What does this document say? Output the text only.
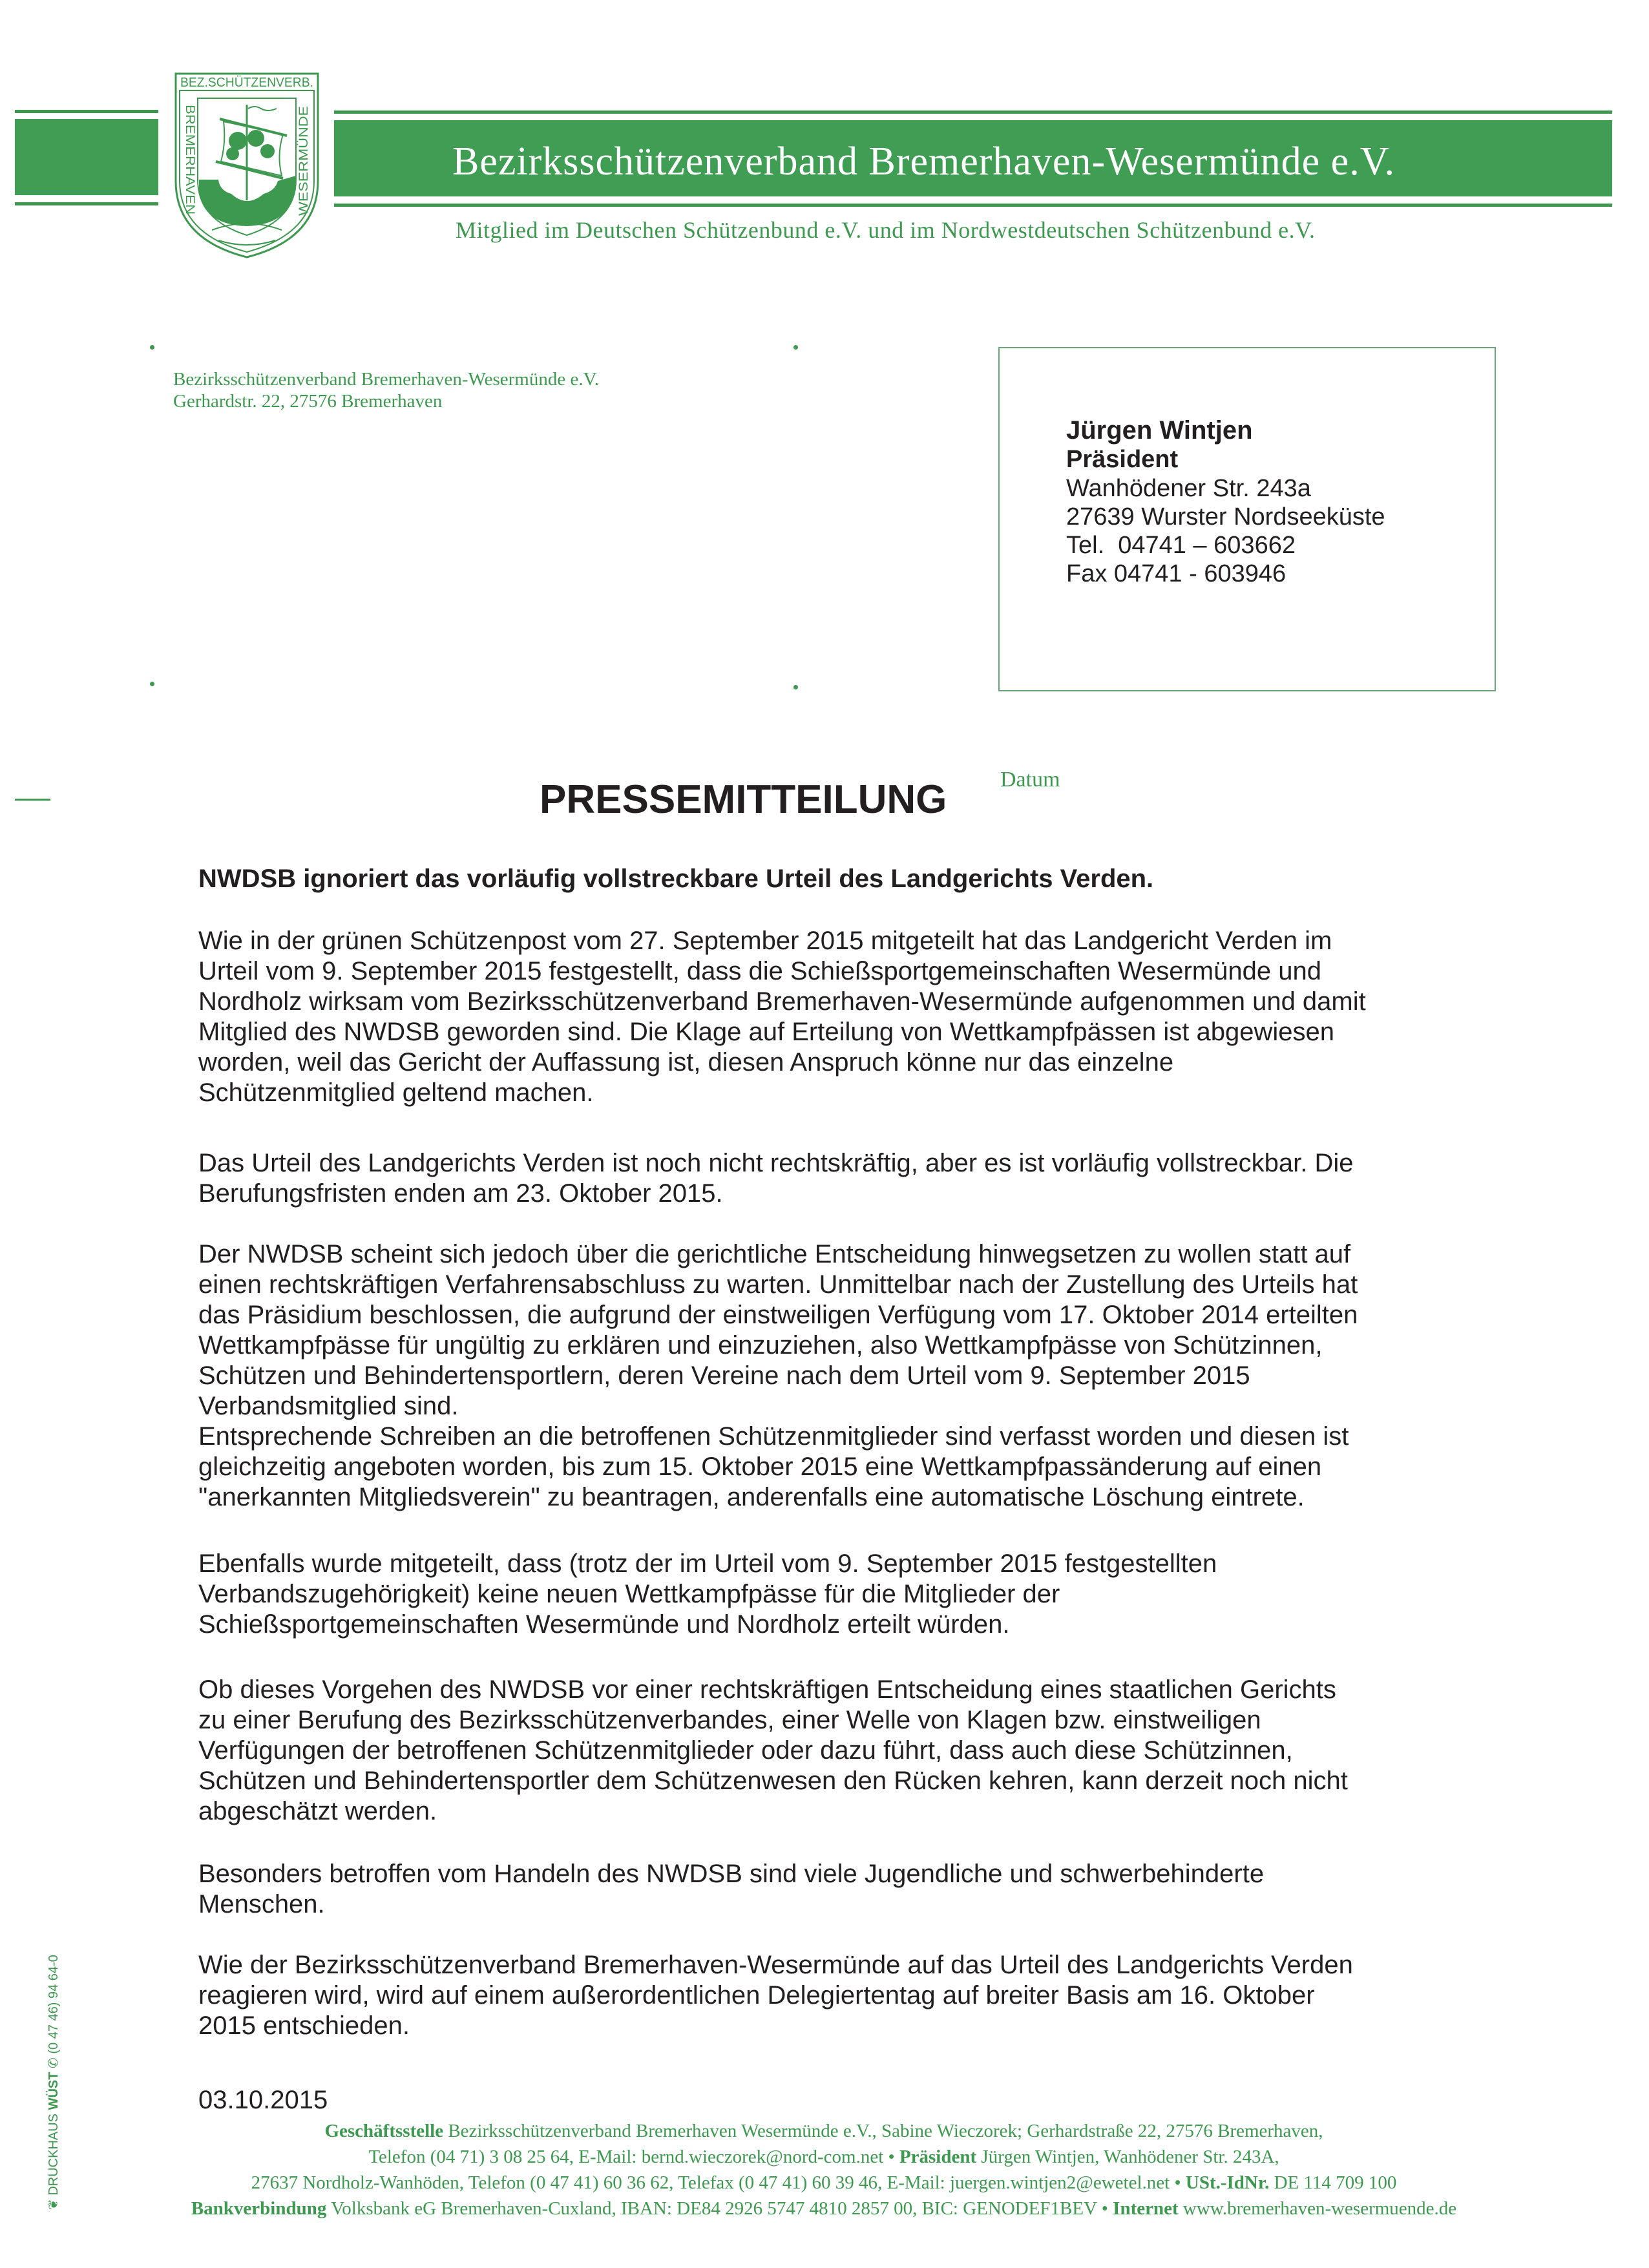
Bezirksschützenverband Bremerhaven-Wesermünde e.V.
Mitglied im Deutschen Schützenbund e.V. und im Nordwestdeutschen Schützenbund e.V.
BEZ.SCHÜTZENVERB.
BREMERHAVEN	WESERMÜNDE
Bezirksschützenverband Bremerhaven-Wesermünde e.V.
Gerhardstr. 22, 27576 Bremerhaven
Jürgen Wintjen
Präsident
Wanhödener Str. 243a
27639 Wurster Nordseeküste
Tel.  04741 – 603662
Fax 04741 - 603946
PRESSEMITTEILUNG Datum
NWDSB ignoriert das vorläufig vollstreckbare Urteil des Landgerichts Verden.
Wie in der grünen Schützenpost vom 27. September 2015 mitgeteilt hat das Landgericht Verden im
Urteil vom 9. September 2015 festgestellt, dass die Schießsportgemeinschaften Wesermünde und
Nordholz wirksam vom Bezirksschützenverband Bremerhaven-Wesermünde aufgenommen und damit
Mitglied des NWDSB geworden sind. Die Klage auf Erteilung von Wettkampfpässen ist abgewiesen
worden, weil das Gericht der Auffassung ist, diesen Anspruch könne nur das einzelne
Schützenmitglied geltend machen.
Das Urteil des Landgerichts Verden ist noch nicht rechtskräftig, aber es ist vorläufig vollstreckbar. Die
Berufungsfristen enden am 23. Oktober 2015.
Der NWDSB scheint sich jedoch über die gerichtliche Entscheidung hinwegsetzen zu wollen statt auf
einen rechtskräftigen Verfahrensabschluss zu warten. Unmittelbar nach der Zustellung des Urteils hat
das Präsidium beschlossen, die aufgrund der einstweiligen Verfügung vom 17. Oktober 2014 erteilten
Wettkampfpässe für ungültig zu erklären und einzuziehen, also Wettkampfpässe von Schützinnen,
Schützen und Behindertensportlern, deren Vereine nach dem Urteil vom 9. September 2015
Verbandsmitglied sind.
Entsprechende Schreiben an die betroffenen Schützenmitglieder sind verfasst worden und diesen ist
gleichzeitig angeboten worden, bis zum 15. Oktober 2015 eine Wettkampfpassänderung auf einen
"anerkannten Mitgliedsverein" zu beantragen, anderenfalls eine automatische Löschung eintrete.
Ebenfalls wurde mitgeteilt, dass (trotz der im Urteil vom 9. September 2015 festgestellten
Verbandszugehörigkeit) keine neuen Wettkampfpässe für die Mitglieder der
Schießsportgemeinschaften Wesermünde und Nordholz erteilt würden.
Ob dieses Vorgehen des NWDSB vor einer rechtskräftigen Entscheidung eines staatlichen Gerichts
zu einer Berufung des Bezirksschützenverbandes, einer Welle von Klagen bzw. einstweiligen
Verfügungen der betroffenen Schützenmitglieder oder dazu führt, dass auch diese Schützinnen,
Schützen und Behindertensportler dem Schützenwesen den Rücken kehren, kann derzeit noch nicht
abgeschätzt werden.
Besonders betroffen vom Handeln des NWDSB sind viele Jugendliche und schwerbehinderte
Menschen.
Wie der Bezirksschützenverband Bremerhaven-Wesermünde auf das Urteil des Landgerichts Verden
reagieren wird, wird auf einem außerordentlichen Delegiertentag auf breiter Basis am 16. Oktober
2015 entschieden.
03.10.2015
Geschäftsstelle Bezirksschützenverband Bremerhaven Wesermünde e.V., Sabine Wieczorek; Gerhardstraße 22, 27576 Bremerhaven,
Telefon (04 71) 3 08 25 64, E-Mail: bernd.wieczorek@nord-com.net • Präsident Jürgen Wintjen, Wanhödener Str. 243A,
27637 Nordholz-Wanhöden, Telefon (0 47 41) 60 36 62, Telefax (0 47 41) 60 39 46, E-Mail: juergen.wintjen2@ewetel.net • USt.-IdNr. DE 114 709 100
Bankverbindung Volksbank eG Bremerhaven-Cuxland, IBAN: DE84 2926 5747 4810 2857 00, BIC: GENODEF1BEV • Internet www.bremerhaven-wesermuende.de
❦ DRUCKHAUS WÜST ✆ (0 47 46) 94 64-0
